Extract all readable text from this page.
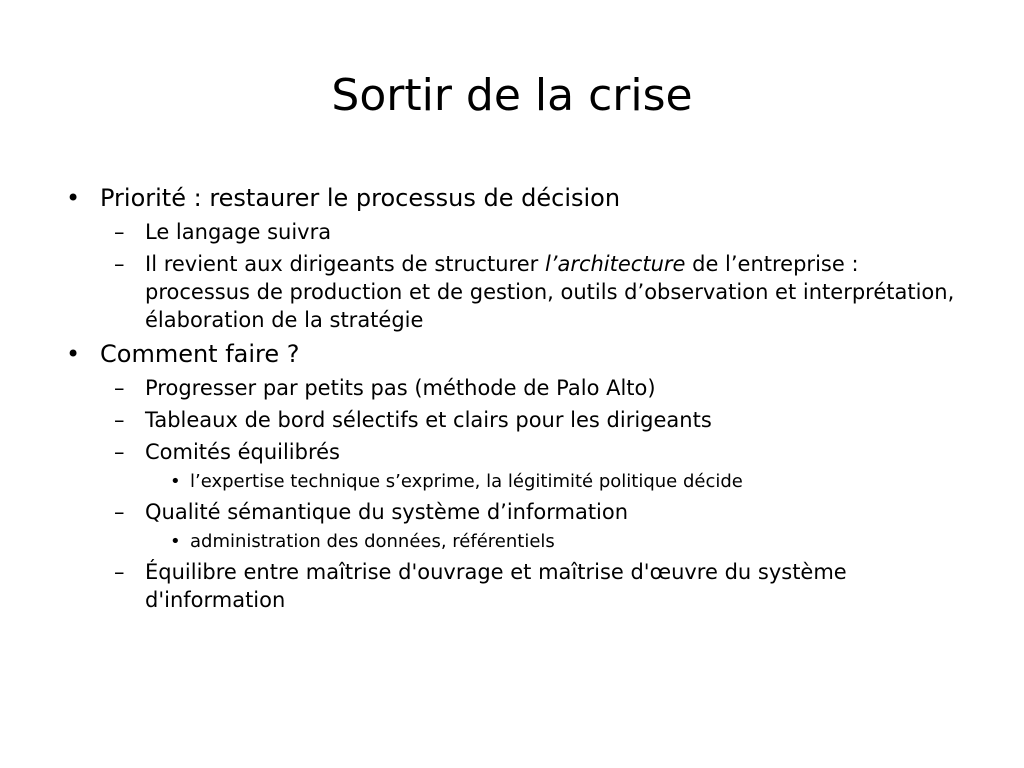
Sortir de la crise
• Priorité : restaurer le processus de décision
– Le langage suivra
– Il revient aux dirigeants de structurer l’architecture de l’entreprise : processus de production et de gestion, outils d’observation et interprétation, élaboration de la stratégie
• Comment faire ?
– Progresser par petits pas (méthode de Palo Alto)
– Tableaux de bord sélectifs et clairs pour les dirigeants
– Comités équilibrés
• l’expertise technique s’exprime, la légitimité politique décide
– Qualité sémantique du système d’information
• administration des données, référentiels
– Équilibre entre maîtrise d'ouvrage et maîtrise d'œuvre du système d'information
